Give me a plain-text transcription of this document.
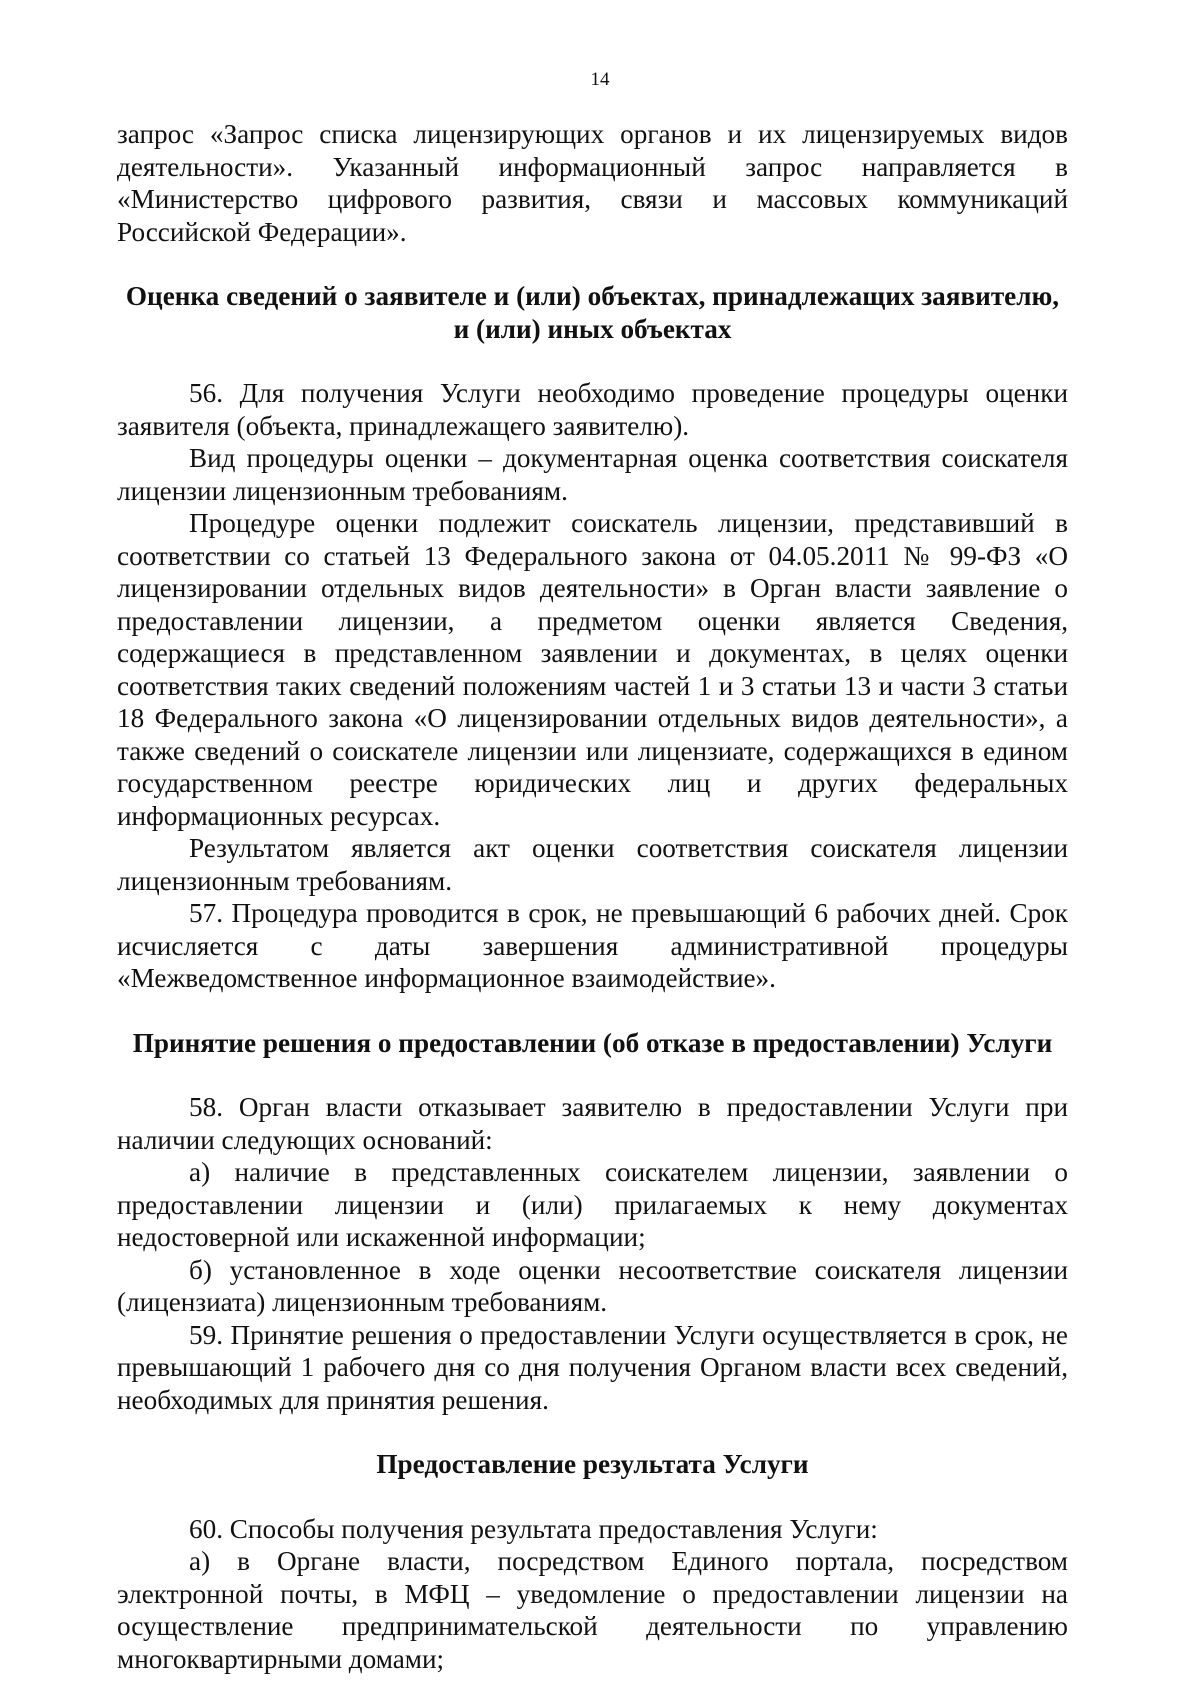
14

запрос «Запрос списка лицензирующих органов и их лицензируемых видов деятельности». Указанный информационный запрос направляется в «Министерство цифрового развития, связи и массовых коммуникаций Российской Федерации».

Оценка сведений о заявителе и (или) объектах, принадлежащих заявителю, и (или) иных объектах

56. Для получения Услуги необходимо проведение процедуры оценки заявителя (объекта, принадлежащего заявителю).

Вид процедуры оценки – документарная оценка соответствия соискателя лицензии лицензионным требованиям.

Процедуре оценки подлежит соискатель лицензии, представивший в соответствии со статьей 13 Федерального закона от 04.05.2011 № 99-ФЗ «О лицензировании отдельных видов деятельности» в Орган власти заявление о предоставлении лицензии, а предметом оценки является Сведения, содержащиеся в представленном заявлении и документах, в целях оценки соответствия таких сведений положениям частей 1 и 3 статьи 13 и части 3 статьи 18 Федерального закона «О лицензировании отдельных видов деятельности», а также сведений о соискателе лицензии или лицензиате, содержащихся в едином государственном реестре юридических лиц и других федеральных информационных ресурсах.

Результатом является акт оценки соответствия соискателя лицензии лицензионным требованиям.

57. Процедура проводится в срок, не превышающий 6 рабочих дней. Срок исчисляется с даты завершения административной процедуры «Межведомственное информационное взаимодействие».

Принятие решения о предоставлении (об отказе в предоставлении) Услуги

58. Орган власти отказывает заявителю в предоставлении Услуги при наличии следующих оснований:

а) наличие в представленных соискателем лицензии, заявлении о предоставлении лицензии и (или) прилагаемых к нему документах недостоверной или искаженной информации;

б) установленное в ходе оценки несоответствие соискателя лицензии (лицензиата) лицензионным требованиям.

59. Принятие решения о предоставлении Услуги осуществляется в срок, не превышающий 1 рабочего дня со дня получения Органом власти всех сведений, необходимых для принятия решения.

Предоставление результата Услуги

60. Способы получения результата предоставления Услуги:

а) в Органе власти, посредством Единого портала, посредством электронной почты, в МФЦ – уведомление о предоставлении лицензии на осуществление предпринимательской деятельности по управлению многоквартирными домами;
